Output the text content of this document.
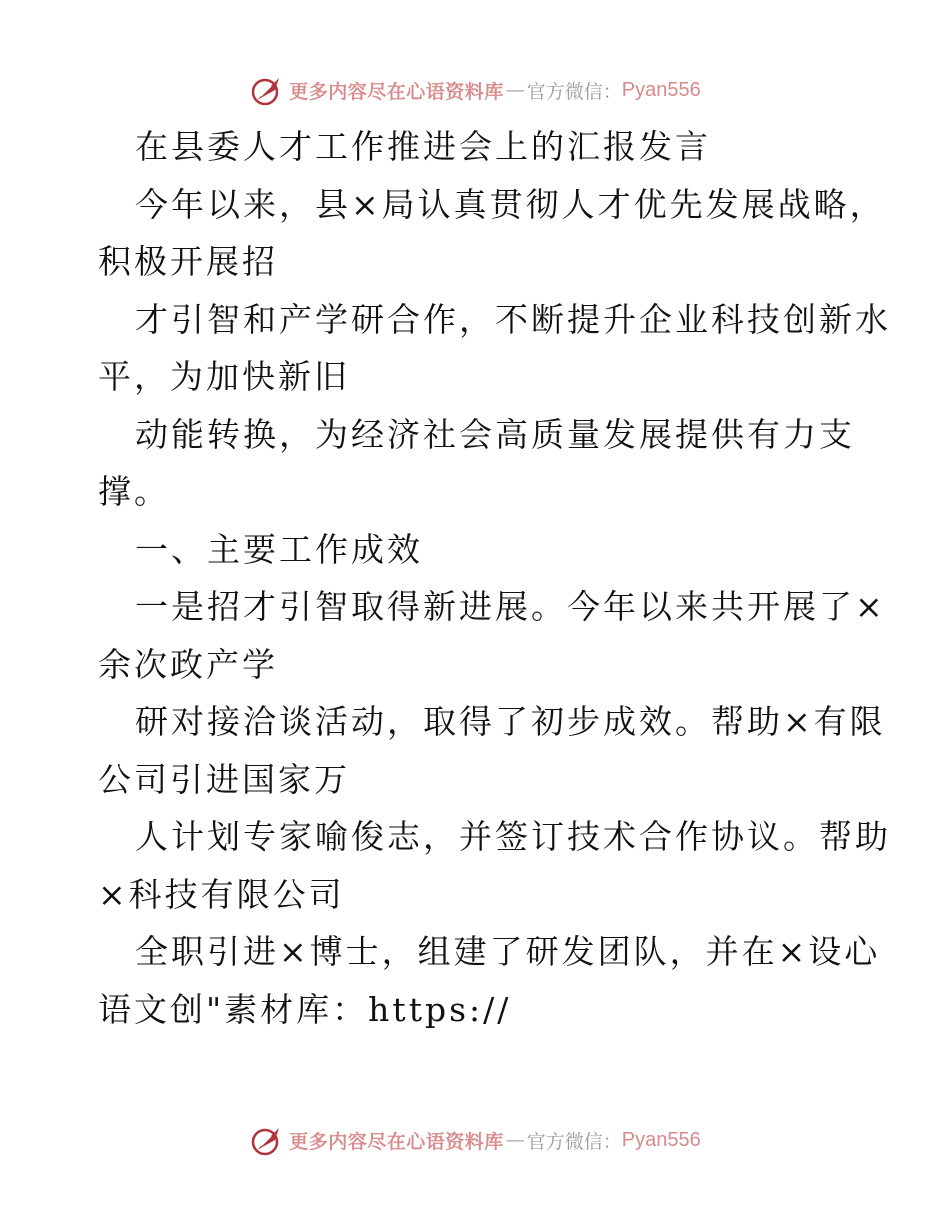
更多内容尽在心语资料库 — 官方微信： Pyan556
在县委人才工作推进会上的汇报发言
今年以来，县×局认真贯彻人才优先发展战略，
积极开展招
才引智和产学研合作，不断提升企业科技创新水
平，为加快新旧
动能转换，为经济社会高质量发展提供有力支
撑。
一、主要工作成效
一是招才引智取得新进展。今年以来共开展了×
余次政产学
研对接洽谈活动，取得了初步成效。帮助×有限
公司引进国家万
人计划专家喻俊志，并签订技术合作协议。帮助
×科技有限公司
全职引进×博士，组建了研发团队，并在×设心
语文创"素材库：https://
更多内容尽在心语资料库 — 官方微信： Pyan556
